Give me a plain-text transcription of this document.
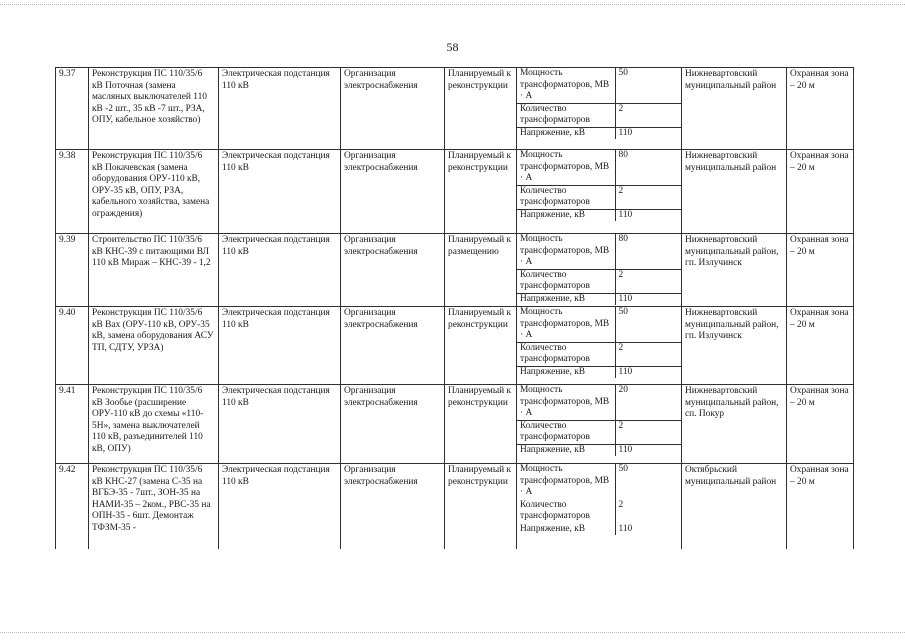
58
9.37	Реконструкция ПС 110/35/6 кВ Поточная (замена масляных выключателей 110 кВ -2 шт., 35 кВ -7 шт., РЗА, ОПУ, кабельное хозяйство)	Электрическая подстанция 110 кВ	Организация электроснабжения	Планируемый к реконструкции	
Мощность трансформаторов, МВ · А	50
Количество трансформаторов	2
Напряжение, кВ	110
	Нижневартовский муниципальный район	Охранная зона – 20 м
9.38	Реконструкция ПС 110/35/6 кВ Покачевская (замена оборудования ОРУ-110 кВ, ОРУ-35 кВ, ОПУ, РЗА, кабельного хозяйства, замена ограждения)	Электрическая подстанция 110 кВ	Организация электроснабжения	Планируемый к реконструкции	
Мощность трансформаторов, МВ · А	80
Количество трансформаторов	2
Напряжение, кВ	110
	Нижневартовский муниципальный район	Охранная зона – 20 м
9.39	Строительство ПС 110/35/6 кВ КНС-39 с питающими ВЛ 110 кВ Мираж – КНС-39 - 1,2	Электрическая подстанция 110 кВ	Организация электроснабжения	Планируемый к размещению	
Мощность трансформаторов, МВ · А	80
Количество трансформаторов	2
Напряжение, кВ	110
	Нижневартовский муниципальный район, гп. Излучинск	Охранная зона – 20 м
9.40	Реконструкция ПС 110/35/6 кВ Вах (ОРУ-110 кВ, ОРУ-35 кВ, замена оборудования АСУ ТП, СДТУ, УРЗА)	Электрическая подстанция 110 кВ	Организация электроснабжения	Планируемый к реконструкции	
Мощность трансформаторов, МВ · А	50
Количество трансформаторов	2
Напряжение, кВ	110
	Нижневартовский муниципальный район, гп. Излучинск	Охранная зона – 20 м
9.41	Реконструкция ПС 110/35/6 кВ Зообье (расширение ОРУ-110 кВ до схемы «110-5Н», замена выключателей 110 кВ, разъединителей 110 кВ, ОПУ)	Электрическая подстанция 110 кВ	Организация электроснабжения	Планируемый к реконструкции	
Мощность трансформаторов, МВ · А	20
Количество трансформаторов	2
Напряжение, кВ	110
	Нижневартовский муниципальный район, сп. Покур	Охранная зона – 20 м
9.42	Реконструкция ПС 110/35/6 кВ КНС-27 (замена С-35 на ВГБЭ-35 - 7шт., ЗОН-35 на НАМИ-35 – 2ком., РВС-35 на ОПН-35 - 6шт. Демонтаж ТФЗМ-35 -	Электрическая подстанция 110 кВ	Организация электроснабжения	Планируемый к реконструкции	
Мощность трансформаторов, МВ · А	50
Количество трансформаторов	2
Напряжение, кВ	110
	Октябрьский муниципальный район	Охранная зона – 20 м
